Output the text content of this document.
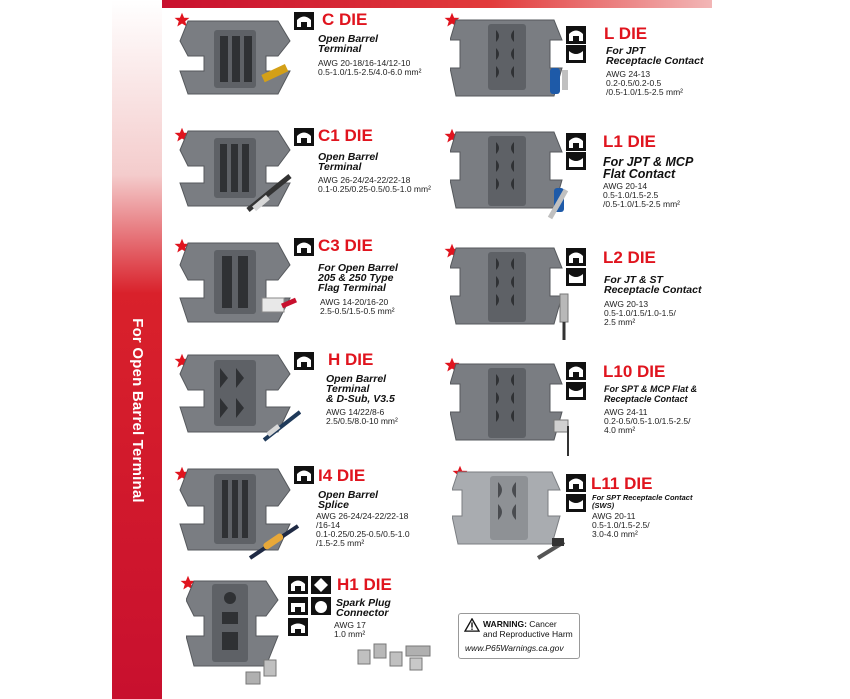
For Open Barrel Terminal
C DIE
Open Barrel
Terminal
AWG 20-18/16-14/12-10
0.5-1.0/1.5-2.5/4.0-6.0 mm²
C1 DIE
Open Barrel
Terminal
AWG 26-24/24-22/22-18
0.1-0.25/0.25-0.5/0.5-1.0 mm²
C3 DIE
For Open Barrel
205 & 250 Type
Flag Terminal
AWG 14-20/16-20
2.5-0.5/1.5-0.5 mm²
H DIE
Open Barrel
Terminal
& D-Sub, V3.5
AWG 14/22/8-6
2.5/0.5/8.0-10 mm²
I4 DIE
Open Barrel
Splice
AWG 26-24/24-22/22-18
/16-14
0.1-0.25/0.25-0.5/0.5-1.0
/1.5-2.5 mm²
H1 DIE
Spark Plug
Connector
AWG 17
1.0 mm²
L DIE
For JPT
Receptacle Contact
AWG 24-13
0.2-0.5/0.2-0.5
/0.5-1.0/1.5-2.5 mm²
L1 DIE
For JPT & MCP
Flat Contact
AWG 20-14
0.5-1.0/1.5-2.5
/0.5-1.0/1.5-2.5 mm²
L2 DIE
For JT & ST
Receptacle Contact
AWG 20-13
0.5-1.0/1.5/1.0-1.5/
2.5 mm²
L10 DIE
For SPT & MCP Flat &
Receptacle Contact
AWG 24-11
0.2-0.5/0.5-1.0/1.5-2.5/
4.0 mm²
L11 DIE
For SPT Receptacle Contact
(SWS)
AWG 20-11
0.5-1.0/1.5-2.5/
3.0-4.0 mm²
WARNING: Cancer
and Reproductive Harm
www.P65Warnings.ca.gov
